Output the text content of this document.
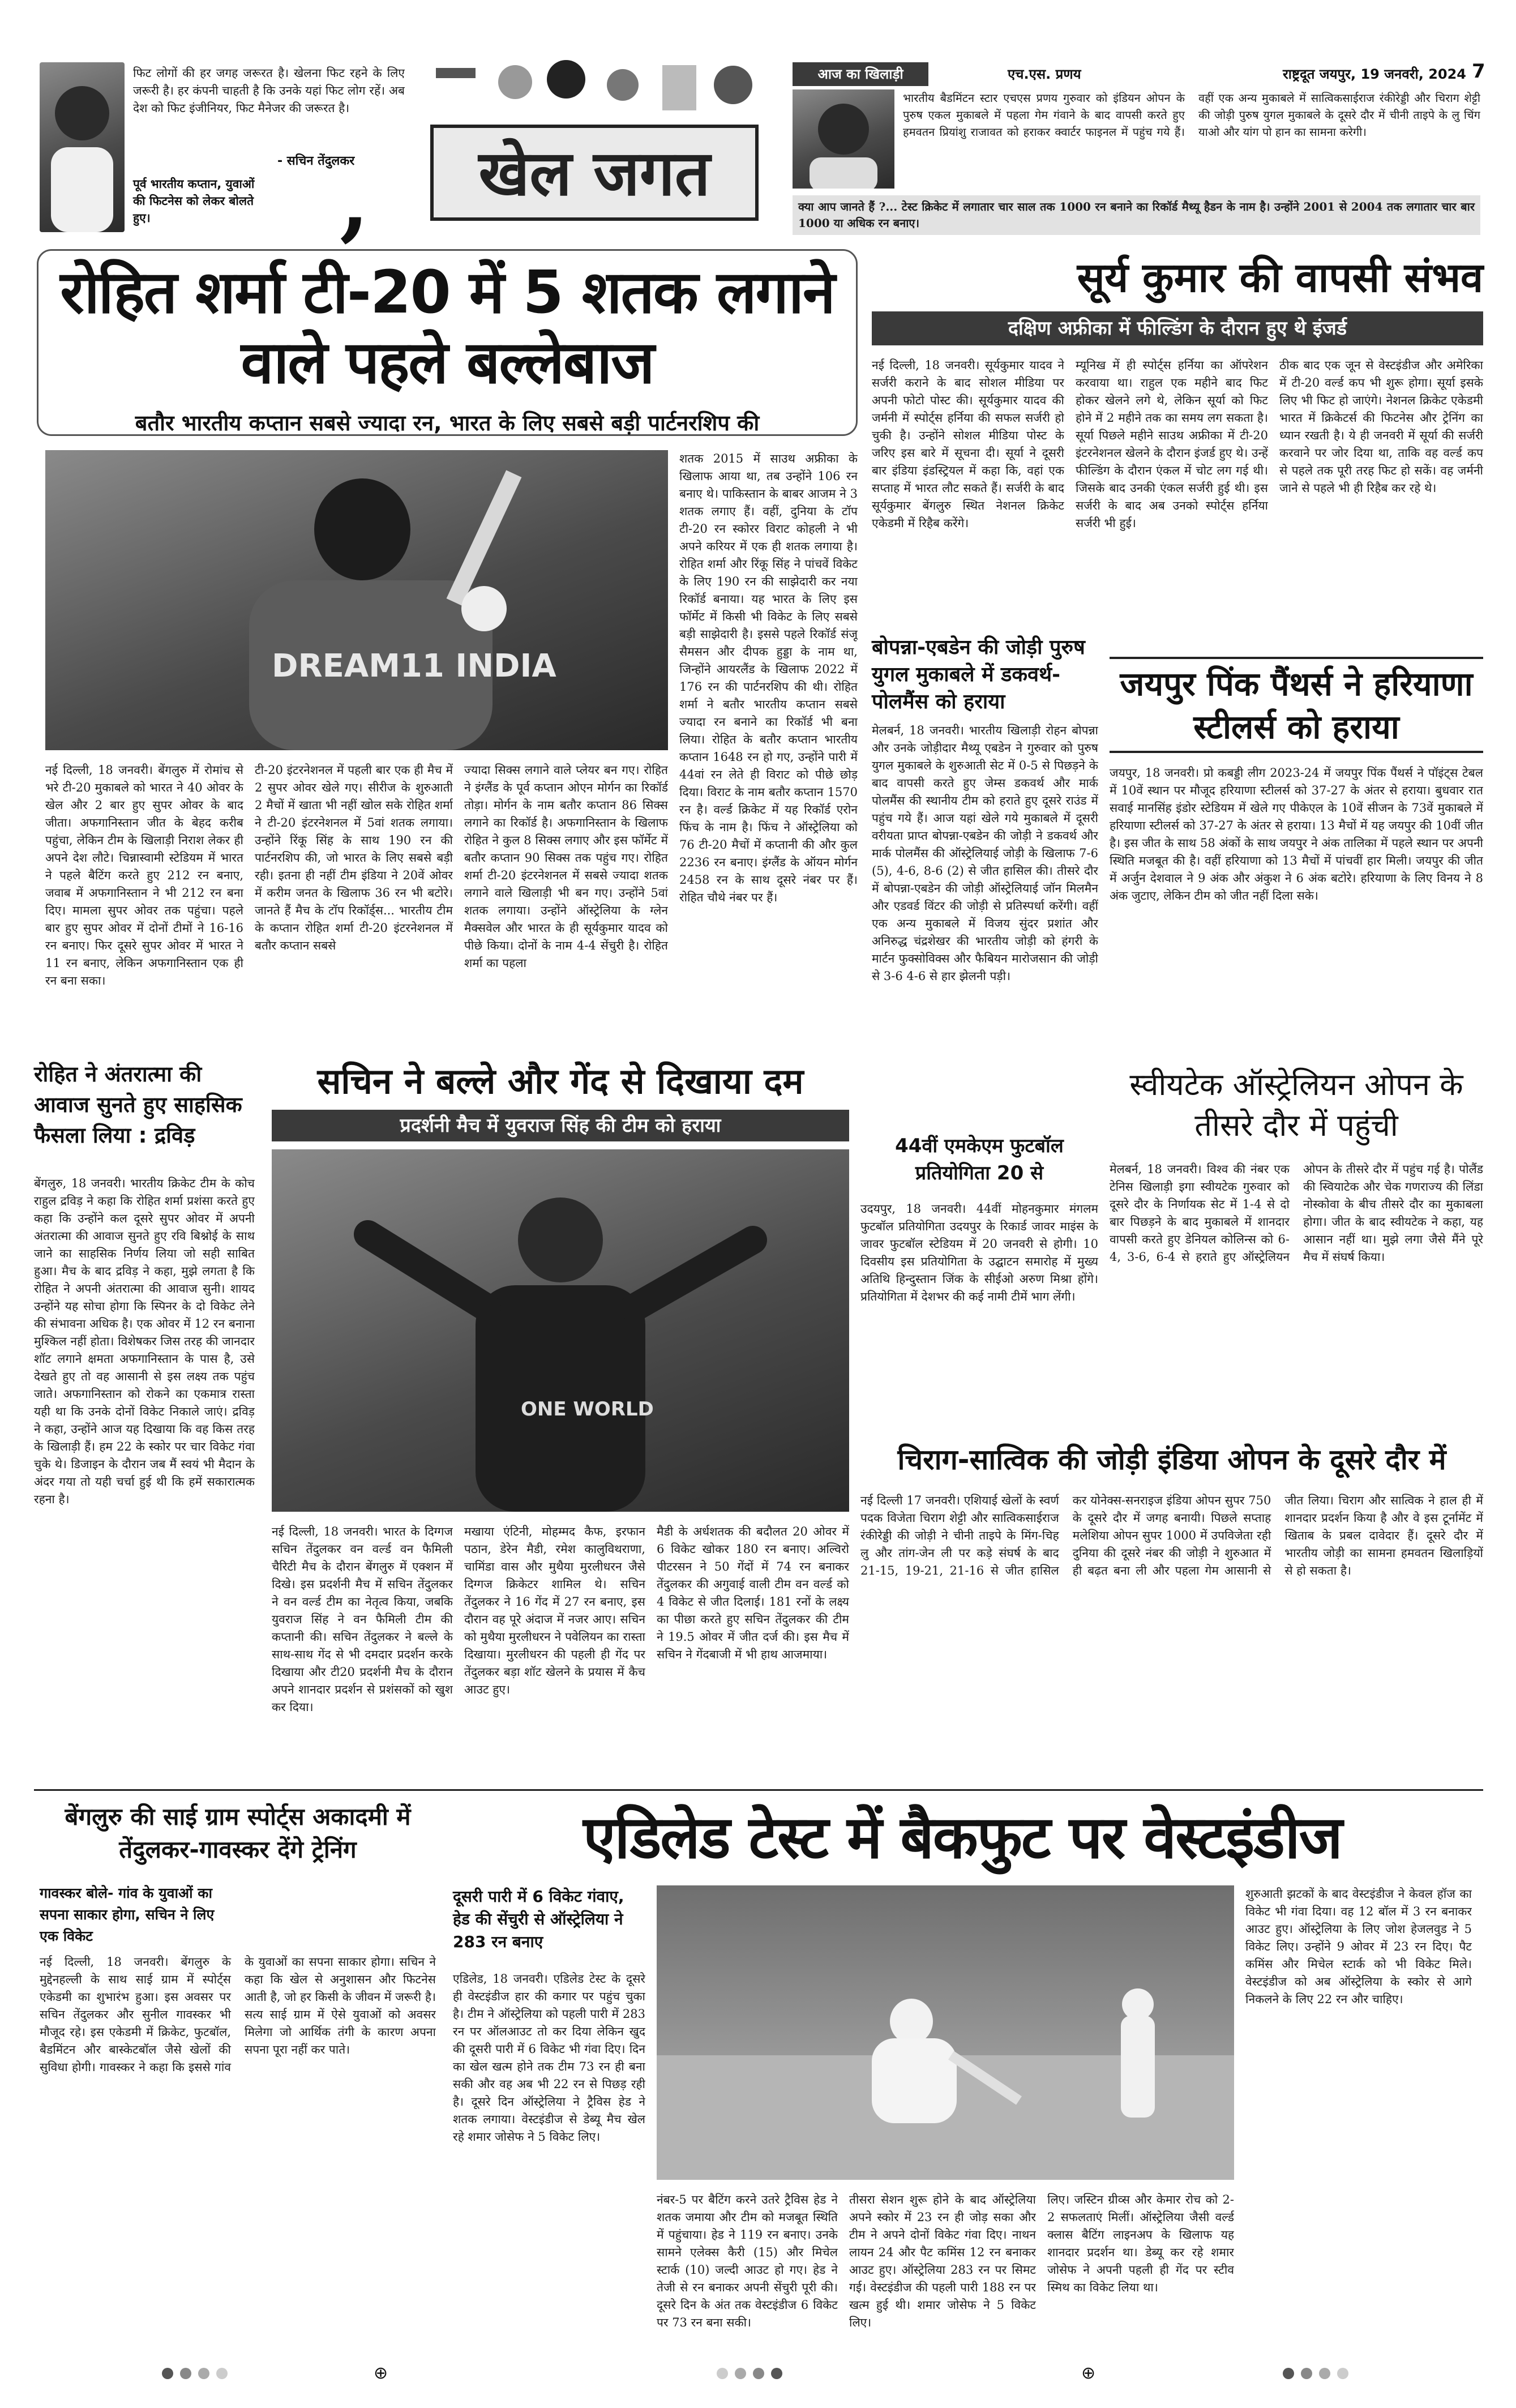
फिट लोगों की हर जगह जरूरत है। खेलना फिट रहने के लिए जरूरी है। हर कंपनी चाहती है कि उनके यहां फिट लोग रहें। अब देश को फिट इंजीनियर, फिट मैनेजर की जरूरत है।
- सचिन तेंदुलकर
पूर्व भारतीय कप्तान, युवाओं की फिटनेस को लेकर बोलते हुए।	,	खेल जगत
आज का खिलाड़ी	एच.एस. प्रणय	राष्ट्रदूत जयपुर, 19 जनवरी, 2024 7
भारतीय बैडमिंटन स्टार एचएस प्रणय गुरुवार को इंडियन ओपन के पुरुष एकल मुकाबले में पहला गेम गंवाने के बाद वापसी करते हुए हमवतन प्रियांशु राजावत को हराकर क्वार्टर फाइनल में पहुंच गये हैं। वहीं एक अन्य मुकाबले में सात्विकसाईराज रंकीरेड्डी और चिराग शेट्टी की जोड़ी पुरुष युगल मुकाबले के दूसरे दौर में चीनी ताइपे के लु चिंग याओ और यांग पो हान का सामना करेगी।
क्या आप जानते हैं ?... टेस्ट क्रिकेट में लगातार चार साल तक 1000 रन बनाने का रिकॉर्ड मैथ्यू हैडन के नाम है। उन्होंने 2001 से 2004 तक लगातार चार बार 1000 या अधिक रन बनाए।
रोहित शर्मा टी-20 में 5 शतक लगाने वाले पहले बल्लेबाज
बतौर भारतीय कप्तान सबसे ज्यादा रन, भारत के लिए सबसे बड़ी पार्टनरशिप की
DREAM11 INDIA
शतक 2015 में साउथ अफ्रीका के खिलाफ आया था, तब उन्होंने 106 रन बनाए थे। पाकिस्तान के बाबर आजम ने 3 शतक लगाए हैं। वहीं, दुनिया के टॉप टी-20 रन स्कोरर विराट कोहली ने भी अपने करियर में एक ही शतक लगाया है। रोहित शर्मा और रिंकू सिंह ने पांचवें विकेट के लिए 190 रन की साझेदारी कर नया रिकॉर्ड बनाया। यह भारत के लिए इस फॉर्मेट में किसी भी विकेट के लिए सबसे बड़ी साझेदारी है। इससे पहले रिकॉर्ड संजू सैमसन और दीपक हुड्डा के नाम था, जिन्होंने आयरलैंड के खिलाफ 2022 में 176 रन की पार्टनरशिप की थी। रोहित शर्मा ने बतौर भारतीय कप्तान सबसे ज्यादा रन बनाने का रिकॉर्ड भी बना लिया। रोहित के बतौर कप्तान भारतीय कप्तान 1648 रन हो गए, उन्होंने पारी में 44वां रन लेते ही विराट को पीछे छोड़ दिया। विराट के नाम बतौर कप्तान 1570 रन है। वर्ल्ड क्रिकेट में यह रिकॉर्ड एरोन फिंच के नाम है। फिंच ने ऑस्ट्रेलिया को 76 टी-20 मैचों में कप्तानी की और कुल 2236 रन बनाए। इंग्लैंड के ऑयन मोर्गन 2458 रन के साथ दूसरे नंबर पर हैं। रोहित चौथे नंबर पर हैं।
नई दिल्ली, 18 जनवरी। बेंगलुरु में रोमांच से भरे टी-20 मुकाबले को भारत ने 40 ओवर के खेल और 2 बार हुए सुपर ओवर के बाद जीता। अफगानिस्तान जीत के बेहद करीब पहुंचा, लेकिन टीम के खिलाड़ी निराश लेकर ही अपने देश लौटे। चिन्नास्वामी स्टेडियम में भारत ने पहले बैटिंग करते हुए 212 रन बनाए, जवाब में अफगानिस्तान ने भी 212 रन बना दिए। मामला सुपर ओवर तक पहुंचा। पहले बार हुए सुपर ओवर में दोनों टीमों ने 16-16 रन बनाए। फिर दूसरे सुपर ओवर में भारत ने 11 रन बनाए, लेकिन अफगानिस्तान एक ही रन बना सका।
टी-20 इंटरनेशनल में पहली बार एक ही मैच में 2 सुपर ओवर खेले गए। सीरीज के शुरुआती 2 मैचों में खाता भी नहीं खोल सके रोहित शर्मा ने टी-20 इंटरनेशनल में 5वां शतक लगाया। उन्होंने रिंकू सिंह के साथ 190 रन की पार्टनरशिप की, जो भारत के लिए सबसे बड़ी रही। इतना ही नहीं टीम इंडिया ने 20वें ओवर में करीम जनत के खिलाफ 36 रन भी बटोरे। जानते हैं मैच के टॉप रिकॉर्ड्स... भारतीय टीम के कप्तान रोहित शर्मा टी-20 इंटरनेशनल में बतौर कप्तान सबसे
ज्यादा सिक्स लगाने वाले प्लेयर बन गए। रोहित ने इंग्लैंड के पूर्व कप्तान ओएन मोर्गन का रिकॉर्ड तोड़ा। मोर्गन के नाम बतौर कप्तान 86 सिक्स लगाने का रिकॉर्ड है। अफगानिस्तान के खिलाफ रोहित ने कुल 8 सिक्स लगाए और इस फॉर्मेट में बतौर कप्तान 90 सिक्स तक पहुंच गए। रोहित शर्मा टी-20 इंटरनेशनल में सबसे ज्यादा शतक लगाने वाले खिलाड़ी भी बन गए। उन्होंने 5वां शतक लगाया। उन्होंने ऑस्ट्रेलिया के ग्लेन मैक्सवेल और भारत के ही सूर्यकुमार यादव को पीछे किया। दोनों के नाम 4-4 सेंचुरी है। रोहित शर्मा का पहला
सूर्य कुमार की वापसी संभव
दक्षिण अफ्रीका में फील्डिंग के दौरान हुए थे इंजर्ड
नई दिल्ली, 18 जनवरी। सूर्यकुमार यादव ने सर्जरी कराने के बाद सोशल मीडिया पर अपनी फोटो पोस्ट की। सूर्यकुमार यादव की जर्मनी में स्पोर्ट्स हर्निया की सफल सर्जरी हो चुकी है। उन्होंने सोशल मीडिया पोस्ट के जरिए इस बारे में सूचना दी। सूर्या ने दूसरी बार इंडिया इंडस्ट्रियल में कहा कि, वहां एक सप्ताह में भारत लौट सकते हैं। सर्जरी के बाद सूर्यकुमार बेंगलुरु स्थित नेशनल क्रिकेट एकेडमी में रिहैब करेंगे।
म्यूनिख में ही स्पोर्ट्स हर्निया का ऑपरेशन करवाया था। राहुल एक महीने बाद फिट होकर खेलने लगे थे, लेकिन सूर्या को फिट होने में 2 महीने तक का समय लग सकता है। सूर्या पिछले महीने साउथ अफ्रीका में टी-20 इंटरनेशनल खेलने के दौरान इंजर्ड हुए थे। उन्हें फील्डिंग के दौरान एंकल में चोट लग गई थी। जिसके बाद उनकी एंकल सर्जरी हुई थी। इस सर्जरी के बाद अब उनको स्पोर्ट्स हर्निया सर्जरी भी हुई।
ठीक बाद एक जून से वेस्टइंडीज और अमेरिका में टी-20 वर्ल्ड कप भी शुरू होगा। सूर्या इसके लिए भी फिट हो जाएंगे। नेशनल क्रिकेट एकेडमी भारत में क्रिकेटर्स की फिटनेस और ट्रेनिंग का ध्यान रखती है। ये ही जनवरी में सूर्या की सर्जरी करवाने पर जोर दिया था, ताकि वह वर्ल्ड कप से पहले तक पूरी तरह फिट हो सकें। वह जर्मनी जाने से पहले भी ही रिहैब कर रहे थे।
बोपन्ना-एबडेन की जोड़ी पुरुष युगल मुकाबले में डकवर्थ-पोलमैंस को हराया
मेलबर्न, 18 जनवरी। भारतीय खिलाड़ी रोहन बोपन्ना और उनके जोड़ीदार मैथ्यू एबडेन ने गुरुवार को पुरुष युगल मुकाबले के शुरुआती सेट में 0-5 से पिछड़ने के बाद वापसी करते हुए जेम्स डकवर्थ और मार्क पोलमैंस की स्थानीय टीम को हराते हुए दूसरे राउंड में पहुंच गये हैं। आज यहां खेले गये मुकाबले में दूसरी वरीयता प्राप्त बोपन्ना-एबडेन की जोड़ी ने डकवर्थ और मार्क पोलमैंस की ऑस्ट्रेलियाई जोड़ी के खिलाफ 7-6 (5), 4-6, 8-6 (2) से जीत हासिल की। तीसरे दौर में बोपन्ना-एबडेन की जोड़ी ऑस्ट्रेलियाई जॉन मिलमैन और एडवर्ड विंटर की जोड़ी से प्रतिस्पर्धा करेंगी। वहीं एक अन्य मुकाबले में विजय सुंदर प्रशांत और अनिरुद्ध चंद्रशेखर की भारतीय जोड़ी को हंगरी के मार्टन फुक्सोविक्स और फैबियन मारोजसान की जोड़ी से 3-6 4-6 से हार झेलनी पड़ी।
जयपुर पिंक पैंथर्स ने हरियाणा स्टीलर्स को हराया
जयपुर, 18 जनवरी। प्रो कबड्डी लीग 2023-24 में जयपुर पिंक पैंथर्स ने पॉइंट्स टेबल में 10वें स्थान पर मौजूद हरियाणा स्टीलर्स को 37-27 के अंतर से हराया। बुधवार रात सवाई मानसिंह इंडोर स्टेडियम में खेले गए पीकेएल के 10वें सीजन के 73वें मुकाबले में हरियाणा स्टीलर्स को 37-27 के अंतर से हराया। 13 मैचों में यह जयपुर की 10वीं जीत है। इस जीत के साथ 58 अंकों के साथ जयपुर ने अंक तालिका में पहले स्थान पर अपनी स्थिति मजबूत की है। वहीं हरियाणा को 13 मैचों में पांचवीं हार मिली। जयपुर की जीत में अर्जुन देशवाल ने 9 अंक और अंकुश ने 6 अंक बटोरे। हरियाणा के लिए विनय ने 8 अंक जुटाए, लेकिन टीम को जीत नहीं दिला सके।
रोहित ने अंतरात्मा की आवाज सुनते हुए साहसिक फैसला लिया : द्रविड़
बेंगलुरु, 18 जनवरी। भारतीय क्रिकेट टीम के कोच राहुल द्रविड़ ने कहा कि रोहित शर्मा प्रशंसा करते हुए कहा कि उन्होंने कल दूसरे सुपर ओवर में अपनी अंतरात्मा की आवाज सुनते हुए रवि बिश्नोई के साथ जाने का साहसिक निर्णय लिया जो सही साबित हुआ। मैच के बाद द्रविड़ ने कहा, मुझे लगता है कि रोहित ने अपनी अंतरात्मा की आवाज सुनी। शायद उन्होंने यह सोचा होगा कि स्पिनर के दो विकेट लेने की संभावना अधिक है। एक ओवर में 12 रन बनाना मुश्किल नहीं होता। विशेषकर जिस तरह की जानदार शॉट लगाने क्षमता अफगानिस्तान के पास है, उसे देखते हुए तो वह आसानी से इस लक्ष्य तक पहुंच जाते। अफगानिस्तान को रोकने का एकमात्र रास्ता यही था कि उनके दोनों विकेट निकाले जाएं। द्रविड़ ने कहा, उन्होंने आज यह दिखाया कि वह किस तरह के खिलाड़ी हैं। हम 22 के स्कोर पर चार विकेट गंवा चुके थे। डिजाइन के दौरान जब मैं स्वयं भी मैदान के अंदर गया तो यही चर्चा हुई थी कि हमें सकारात्मक रहना है।
सचिन ने बल्ले और गेंद से दिखाया दम
प्रदर्शनी मैच में युवराज सिंह की टीम को हराया
ONE WORLD
नई दिल्ली, 18 जनवरी। भारत के दिग्गज सचिन तेंदुलकर वन वर्ल्ड वन फैमिली चैरिटी मैच के दौरान बेंगलुरु में एक्शन में दिखे। इस प्रदर्शनी मैच में सचिन तेंदुलकर ने वन वर्ल्ड टीम का नेतृत्व किया, जबकि युवराज सिंह ने वन फैमिली टीम की कप्तानी की। सचिन तेंदुलकर ने बल्ले के साथ-साथ गेंद से भी दमदार प्रदर्शन करके दिखाया और टी20 प्रदर्शनी मैच के दौरान अपने शानदार प्रदर्शन से प्रशंसकों को खुश कर दिया।
मखाया एंटिनी, मोहम्मद कैफ, इरफान पठान, डेरेन मैडी, रमेश कालुविथराणा, चामिंडा वास और मुथैया मुरलीधरन जैसे दिग्गज क्रिकेटर शामिल थे। सचिन तेंदुलकर ने 16 गेंद में 27 रन बनाए, इस दौरान वह पूरे अंदाज में नजर आए। सचिन को मुथैया मुरलीधरन ने पवेलियन का रास्ता दिखाया। मुरलीधरन की पहली ही गेंद पर तेंदुलकर बड़ा शॉट खेलने के प्रयास में कैच आउट हुए।
मैडी के अर्धशतक की बदौलत 20 ओवर में 6 विकेट खोकर 180 रन बनाए। अल्विरो पीटरसन ने 50 गेंदों में 74 रन बनाकर तेंदुलकर की अगुवाई वाली टीम वन वर्ल्ड को 4 विकेट से जीत दिलाई। 181 रनों के लक्ष्य का पीछा करते हुए सचिन तेंदुलकर की टीम ने 19.5 ओवर में जीत दर्ज की। इस मैच में सचिन ने गेंदबाजी में भी हाथ आजमाया।
44वीं एमकेएम फुटबॉल प्रतियोगिता 20 से
उदयपुर, 18 जनवरी। 44वीं मोहनकुमार मंगलम फुटबॉल प्रतियोगिता उदयपुर के रिकार्ड जावर माइंस के जावर फुटबॉल स्टेडियम में 20 जनवरी से होगी। 10 दिवसीय इस प्रतियोगिता के उद्घाटन समारोह में मुख्य अतिथि हिन्दुस्तान जिंक के सीईओ अरुण मिश्रा होंगे। प्रतियोगिता में देशभर की कई नामी टीमें भाग लेंगी।
स्वीयटेक ऑस्ट्रेलियन ओपन के तीसरे दौर में पहुंची
मेलबर्न, 18 जनवरी। विश्व की नंबर एक टेनिस खिलाड़ी इगा स्वीयटेक गुरुवार को दूसरे दौर के निर्णायक सेट में 1-4 से दो बार पिछड़ने के बाद मुकाबले में शानदार वापसी करते हुए डेनियल कोलिन्स को 6-4, 3-6, 6-4 से हराते हुए ऑस्ट्रेलियन ओपन के तीसरे दौर में पहुंच गई है। पोलैंड की स्वियाटेक और चेक गणराज्य की लिंडा नोस्कोवा के बीच तीसरे दौर का मुकाबला होगा। जीत के बाद स्वीयटेक ने कहा, यह आसान नहीं था। मुझे लगा जैसे मैंने पूरे मैच में संघर्ष किया।
चिराग-सात्विक की जोड़ी इंडिया ओपन के दूसरे दौर में
नई दिल्ली 17 जनवरी। एशियाई खेलों के स्वर्ण पदक विजेता चिराग शेट्टी और सात्विकसाईराज रंकीरेड्डी की जोड़ी ने चीनी ताइपे के मिंग-चिह लु और तांग-जेन ली पर कड़े संघर्ष के बाद 21-15, 19-21, 21-16 से जीत हासिल कर योनेक्स-सनराइज इंडिया ओपन सुपर 750 के दूसरे दौर में जगह बनायी। पिछले सप्ताह मलेशिया ओपन सुपर 1000 में उपविजेता रही दुनिया की दूसरे नंबर की जोड़ी ने शुरुआत में ही बढ़त बना ली और पहला गेम आसानी से जीत लिया। चिराग और सात्विक ने हाल ही में शानदार प्रदर्शन किया है और वे इस टूर्नामेंट में खिताब के प्रबल दावेदार हैं। दूसरे दौर में भारतीय जोड़ी का सामना हमवतन खिलाड़ियों से हो सकता है।
बेंगलुरु की साई ग्राम स्पोर्ट्स अकादमी में तेंदुलकर-गावस्कर देंगे ट्रेनिंग
गावस्कर बोले- गांव के युवाओं का सपना साकार होगा, सचिन ने लिए एक विकेट
नई दिल्ली, 18 जनवरी। बेंगलुरु के मुद्देनहल्ली के साथ साई ग्राम में स्पोर्ट्स एकेडमी का शुभारंभ हुआ। इस अवसर पर सचिन तेंदुलकर और सुनील गावस्कर भी मौजूद रहे। इस एकेडमी में क्रिकेट, फुटबॉल, बैडमिंटन और बास्केटबॉल जैसे खेलों की सुविधा होगी। गावस्कर ने कहा कि इससे गांव के युवाओं का सपना साकार होगा। सचिन ने कहा कि खेल से अनुशासन और फिटनेस आती है, जो हर किसी के जीवन में जरूरी है। सत्य साई ग्राम में ऐसे युवाओं को अवसर मिलेगा जो आर्थिक तंगी के कारण अपना सपना पूरा नहीं कर पाते।
एडिलेड टेस्ट में बैकफुट पर वेस्टइंडीज
दूसरी पारी में 6 विकेट गंवाए, हेड की सेंचुरी से ऑस्ट्रेलिया ने 283 रन बनाए
एडिलेड, 18 जनवरी। एडिलेड टेस्ट के दूसरे ही वेस्टइंडीज हार की कगार पर पहुंच चुका है। टीम ने ऑस्ट्रेलिया को पहली पारी में 283 रन पर ऑलआउट तो कर दिया लेकिन खुद की दूसरी पारी में 6 विकेट भी गंवा दिए। दिन का खेल खत्म होने तक टीम 73 रन ही बना सकी और वह अब भी 22 रन से पिछड़ रही है। दूसरे दिन ऑस्ट्रेलिया ने ट्रैविस हेड ने शतक लगाया। वेस्टइंडीज से डेब्यू मैच खेल रहे शमार जोसेफ ने 5 विकेट लिए।
नंबर-5 पर बैटिंग करने उतरे ट्रैविस हेड ने शतक जमाया और टीम को मजबूत स्थिति में पहुंचाया। हेड ने 119 रन बनाए। उनके सामने एलेक्स कैरी (15) और मिचेल स्टार्क (10) जल्दी आउट हो गए। हेड ने तेजी से रन बनाकर अपनी सेंचुरी पूरी की। दूसरे दिन के अंत तक वेस्टइंडीज 6 विकेट पर 73 रन बना सकी।
तीसरा सेशन शुरू होने के बाद ऑस्ट्रेलिया अपने स्कोर में 23 रन ही जोड़ सका और टीम ने अपने दोनों विकेट गंवा दिए। नाथन लायन 24 और पैट कमिंस 12 रन बनाकर आउट हुए। ऑस्ट्रेलिया 283 रन पर सिमट गई। वेस्टइंडीज की पहली पारी 188 रन पर खत्म हुई थी। शमार जोसेफ ने 5 विकेट लिए।
लिए। जस्टिन ग्रीव्स और केमार रोच को 2-2 सफलताएं मिलीं। ऑस्ट्रेलिया जैसी वर्ल्ड क्लास बैटिंग लाइनअप के खिलाफ यह शानदार प्रदर्शन था। डेब्यू कर रहे शमार जोसेफ ने अपनी पहली ही गेंद पर स्टीव स्मिथ का विकेट लिया था।
शुरुआती झटकों के बाद वेस्टइंडीज ने केवल हॉज का विकेट भी गंवा दिया। वह 12 बॉल में 3 रन बनाकर आउट हुए। ऑस्ट्रेलिया के लिए जोश हेजलवुड ने 5 विकेट लिए। उन्होंने 9 ओवर में 23 रन दिए। पैट कमिंस और मिचेल स्टार्क को भी विकेट मिले। वेस्टइंडीज को अब ऑस्ट्रेलिया के स्कोर से आगे निकलने के लिए 22 रन और चाहिए।
⊕	⊕
